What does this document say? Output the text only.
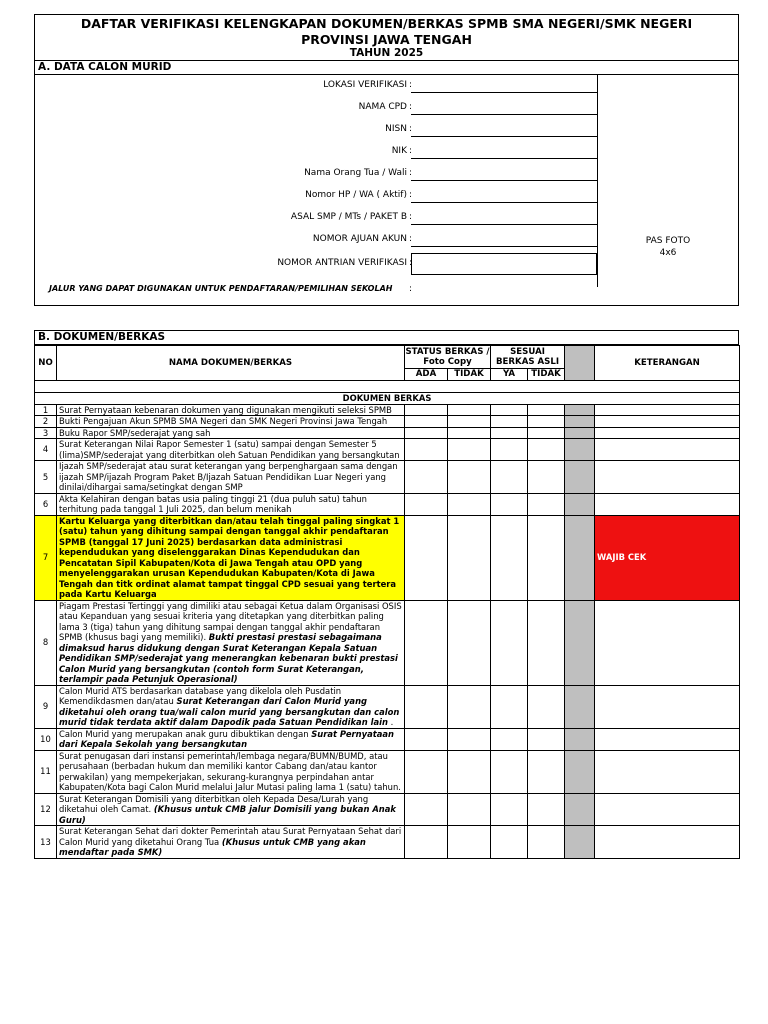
DAFTAR VERIFIKASI KELENGKAPAN DOKUMEN/BERKAS SPMB SMA NEGERI/SMK NEGERI
PROVINSI JAWA TENGAH
TAHUN 2025
A. DATA CALON MURID
PAS FOTO
4x6
LOKASI VERIFIKASI :
NAMA CPD :
NISN :
NIK :
Nama Orang Tua / Wali :
Nomor HP / WA ( Aktif) :
ASAL SMP / MTs / PAKET B :
NOMOR AJUAN AKUN :
NOMOR ANTRIAN VERIFIKASI :
JALUR YANG DAPAT DIGUNAKAN UNTUK PENDAFTARAN/PEMILIHAN SEKOLAH :
B. DOKUMEN/BERKAS
NO	NAMA DOKUMEN/BERKAS	STATUS BERKAS / Foto Copy		SESUAI BERKAS ASLI			KETERANGAN
		ADA	TIDAK	YA	TIDAK		

DOKUMEN BERKAS							
1	Surat Pernyataan kebenaran dokumen yang digunakan mengikuti seleksi SPMB						
2	Bukti Pengajuan Akun SPMB SMA Negeri dan SMK Negeri Provinsi Jawa Tengah						
3	Buku Rapor SMP/sederajat yang sah						
4	Surat Keterangan Nilai Rapor Semester 1 (satu) sampai dengan Semester 5 (lima)SMP/sederajat yang diterbitkan oleh Satuan Pendidikan yang bersangkutan						
5	Ijazah SMP/sederajat atau surat keterangan yang berpenghargaan sama dengan ijazah SMP/ijazah Program Paket B/Ijazah Satuan Pendidikan Luar Negeri yang dinilai/dihargai sama/setingkat dengan SMP						
6	Akta Kelahiran dengan batas usia paling tinggi 21 (dua puluh satu) tahun terhitung pada tanggal 1 Juli 2025, dan belum menikah						
7	Kartu Keluarga yang diterbitkan dan/atau telah tinggal paling singkat 1 (satu) tahun yang dihitung sampai dengan tanggal akhir pendaftaran SPMB (tanggal 17 Juni 2025) berdasarkan data administrasi kependudukan yang diselenggarakan Dinas Kependudukan dan Pencatatan Sipil Kabupaten/Kota di Jawa Tengah atau OPD yang menyelenggarakan urusan Kependudukan Kabupaten/Kota di Jawa Tengah dan titk ordinat alamat tampat tinggal CPD sesuai yang tertera pada Kartu Keluarga						WAJIB CEK
8	Piagam Prestasi Tertinggi yang dimiliki atau sebagai Ketua dalam Organisasi OSIS atau Kepanduan yang sesuai kriteria yang ditetapkan yang diterbitkan paling lama 3 (tiga) tahun yang dihitung sampai dengan tanggal akhir pendaftaran SPMB (khusus bagi yang memiliki). Bukti prestasi prestasi sebagaimana dimaksud harus didukung dengan Surat Keterangan Kepala Satuan Pendidikan SMP/sederajat yang menerangkan kebenaran bukti prestasi Calon Murid yang bersangkutan (contoh form Surat Keterangan, terlampir pada Petunjuk Operasional)						
9	Calon Murid ATS berdasarkan database yang dikelola oleh Pusdatin Kemendikdasmen dan/atau Surat Keterangan dari Calon Murid yang diketahui oleh orang tua/wali calon murid yang bersangkutan dan calon murid tidak terdata aktif dalam Dapodik pada Satuan Pendidikan lain .						
10	Calon Murid yang merupakan anak guru dibuktikan dengan Surat Pernyataan dari Kepala Sekolah yang bersangkutan						
11	Surat penugasan dari instansi pemerintah/lembaga negara/BUMN/BUMD, atau perusahaan (berbadan hukum dan memiliki kantor Cabang dan/atau kantor perwakilan) yang mempekerjakan, sekurang-kurangnya perpindahan antar Kabupaten/Kota bagi Calon Murid melalui Jalur Mutasi paling lama 1 (satu) tahun.						
12	Surat Keterangan Domisili yang diterbitkan oleh Kepada Desa/Lurah yang diketahui oleh Camat. (Khusus untuk CMB jalur Domisili yang bukan Anak Guru)						
13	Surat Keterangan Sehat dari dokter Pemerintah atau Surat Pernyataan Sehat dari Calon Murid yang diketahui Orang Tua (Khusus untuk CMB yang akan mendaftar pada SMK)						
